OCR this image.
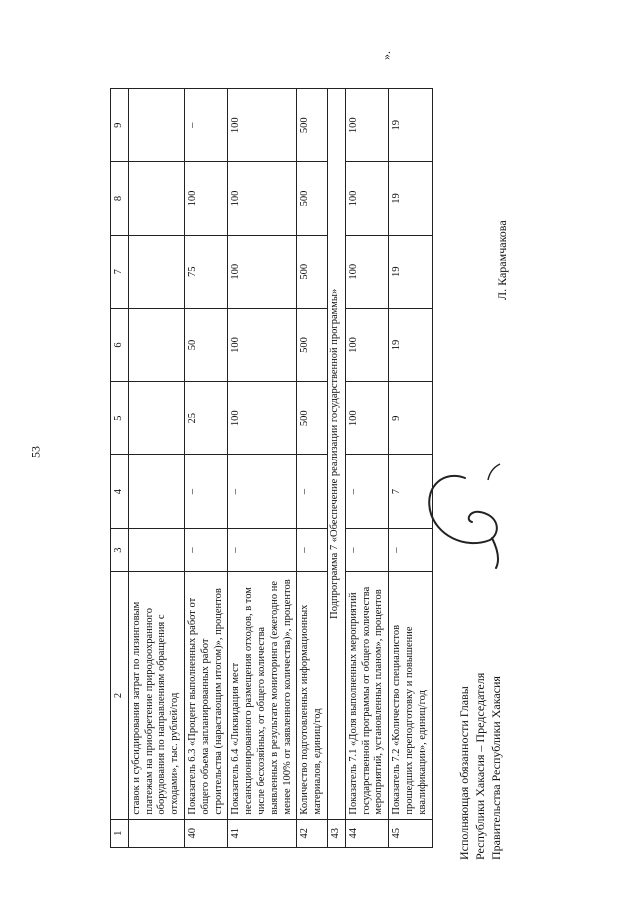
53
1	2	3	4	5	6	7	8	9
	ставок и субсидирования затрат по лизинговым платежам на приобретение природоохранного оборудования по направлениям обращения с отходами», тыс. рублей/год							
40	Показатель 6.3 «Процент выполненных работ от общего объема запланированных работ строительства (нарастающим итогом)», процентов	–	–	25	50	75	100	–
41	Показатель 6.4 «Ликвидация мест несанкционированного размещения отходов, в том числе бесхозяйных, от общего количества выявленных в результате мониторинга (ежегодно не менее 100% от заявленного количества)», процентов	–	–	100	100	100	100	100
42	Количество подготовленных информационных материалов, единиц/год	–	–	500	500	500	500	500
43	Подпрограмма 7 «Обеспечение реализации государственной программы»							
44	Показатель 7.1 «Доля выполненных мероприятий государственной программы от общего количества мероприятий, установленных планом», процентов	–	–	100	100	100	100	100
45	Показатель 7.2 «Количество специалистов прошедших переподготовку и повышение квалификации», единиц/год	–	7	9	19	19	19	19
».
Исполняющая обязанности Главы Республики Хакасия – Председателя Правительства Республики Хакасия
Л. Карамчакова
